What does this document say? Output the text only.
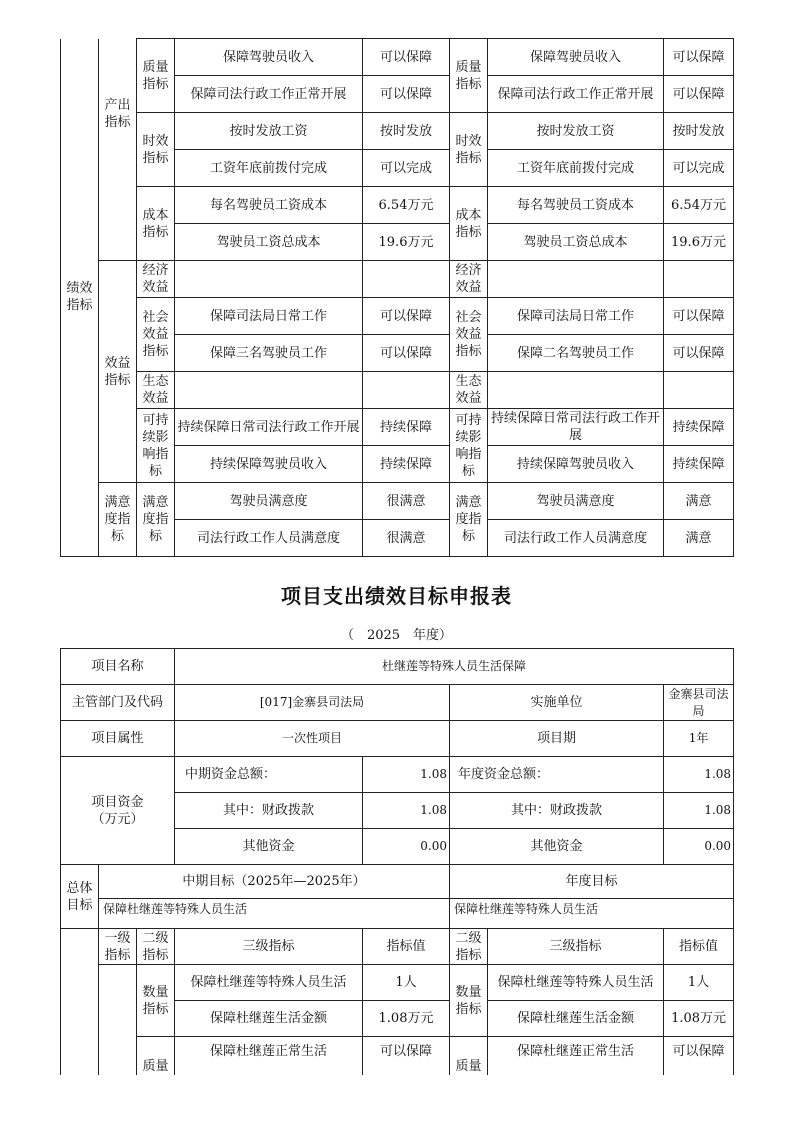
绩效指标	产出指标	质量指标	保障驾驶员收入	可以保障	质量指标	保障驾驶员收入	可以保障
			保障司法行政工作正常开展	可以保障		保障司法行政工作正常开展	可以保障
		时效指标	按时发放工资	按时发放	时效指标	按时发放工资	按时发放
			工资年底前拨付完成	可以完成		工资年底前拨付完成	可以完成
		成本指标	每名驾驶员工资成本	6.54万元	成本指标	每名驾驶员工资成本	6.54万元
			驾驶员工资总成本	19.6万元		驾驶员工资总成本	19.6万元
	效益指标	经济效益			经济效益		
		社会效益指标	保障司法局日常工作	可以保障	社会效益指标	保障司法局日常工作	可以保障
			保障三名驾驶员工作	可以保障		保障二名驾驶员工作	可以保障
		生态效益			生态效益		
		可持续影响指标	持续保障日常司法行政工作开展	持续保障	可持续影响指标	持续保障日常司法行政工作开展	持续保障
			持续保障驾驶员收入	持续保障		持续保障驾驶员收入	持续保障
	满意度指标	满意度指标	驾驶员满意度	很满意	满意度指标	驾驶员满意度	满意
			司法行政工作人员满意度	很满意		司法行政工作人员满意度	满意
项目支出绩效目标申报表
（　2025　年度）
项目名称			杜继莲等特殊人员生活保障				
主管部门及代码			[017]金寨县司法局		实施单位		金寨县司法局
项目属性			一次性项目		项目期		1年
项目资金（万元）			中期资金总额：	1.08	年度资金总额：		1.08
			其中：财政拨款	1.08	其中：财政拨款		1.08
			其他资金	0.00	其他资金		0.00
总体目标	中期目标（2025年—2025年）				年度目标		
	保障杜继莲等特殊人员生活				保障杜继莲等特殊人员生活		
	一级指标	二级指标	三级指标	指标值	二级指标	三级指标	指标值
		数量指标	保障杜继莲等特殊人员生活	1人	数量指标	保障杜继莲等特殊人员生活	1人
			保障杜继莲生活金额	1.08万元		保障杜继莲生活金额	1.08万元
		质量	保障杜继莲正常生活	可以保障	质量	保障杜继莲正常生活	可以保障
